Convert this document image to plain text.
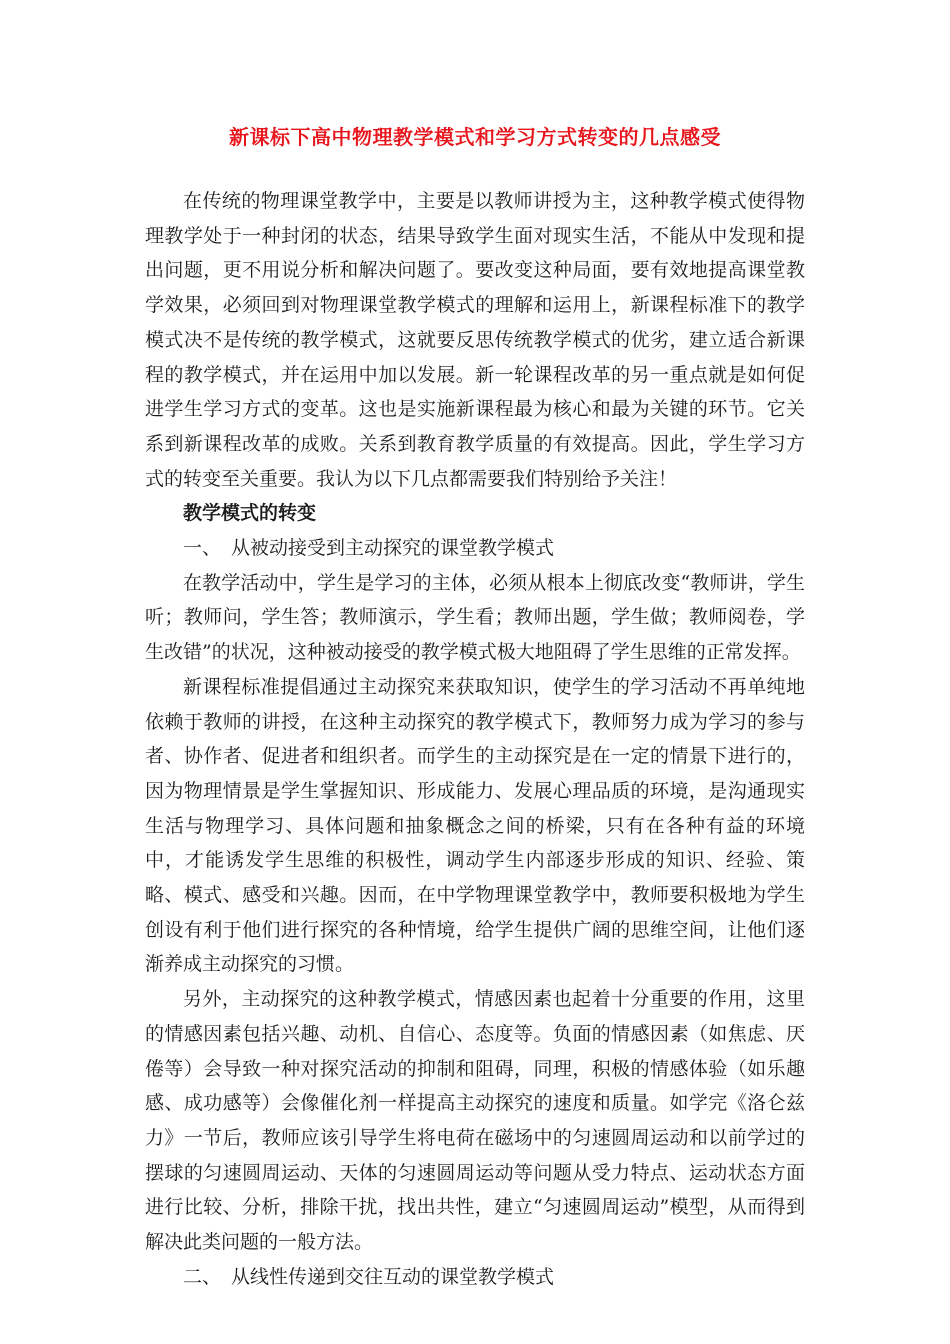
新课标下高中物理教学模式和学习方式转变的几点感受

在传统的物理课堂教学中，主要是以教师讲授为主，这种教学模式使得物理教学处于一种封闭的状态，结果导致学生面对现实生活，不能从中发现和提出问题，更不用说分析和解决问题了。要改变这种局面，要有效地提高课堂教学效果，必须回到对物理课堂教学模式的理解和运用上，新课程标准下的教学模式决不是传统的教学模式，这就要反思传统教学模式的优劣，建立适合新课程的教学模式，并在运用中加以发展。新一轮课程改革的另一重点就是如何促进学生学习方式的变革。这也是实施新课程最为核心和最为关键的环节。它关系到新课程改革的成败。关系到教育教学质量的有效提高。因此，学生学习方式的转变至关重要。我认为以下几点都需要我们特别给予关注！

教学模式的转变

一、 从被动接受到主动探究的课堂教学模式

在教学活动中，学生是学习的主体，必须从根本上彻底改变“教师讲，学生听；教师问，学生答；教师演示，学生看；教师出题，学生做；教师阅卷，学生改错”的状况，这种被动接受的教学模式极大地阻碍了学生思维的正常发挥。

新课程标准提倡通过主动探究来获取知识，使学生的学习活动不再单纯地依赖于教师的讲授，在这种主动探究的教学模式下，教师努力成为学习的参与者、协作者、促进者和组织者。而学生的主动探究是在一定的情景下进行的，因为物理情景是学生掌握知识、形成能力、发展心理品质的环境，是沟通现实生活与物理学习、具体问题和抽象概念之间的桥梁，只有在各种有益的环境中，才能诱发学生思维的积极性，调动学生内部逐步形成的知识、经验、策略、模式、感受和兴趣。因而，在中学物理课堂教学中，教师要积极地为学生创设有利于他们进行探究的各种情境，给学生提供广阔的思维空间，让他们逐渐养成主动探究的习惯。

另外，主动探究的这种教学模式，情感因素也起着十分重要的作用，这里的情感因素包括兴趣、动机、自信心、态度等。负面的情感因素（如焦虑、厌倦等）会导致一种对探究活动的抑制和阻碍，同理，积极的情感体验（如乐趣感、成功感等）会像催化剂一样提高主动探究的速度和质量。如学完《洛仑兹力》一节后，教师应该引导学生将电荷在磁场中的匀速圆周运动和以前学过的摆球的匀速圆周运动、天体的匀速圆周运动等问题从受力特点、运动状态方面进行比较、分析，排除干扰，找出共性，建立“匀速圆周运动”模型，从而得到解决此类问题的一般方法。

二、 从线性传递到交往互动的课堂教学模式
